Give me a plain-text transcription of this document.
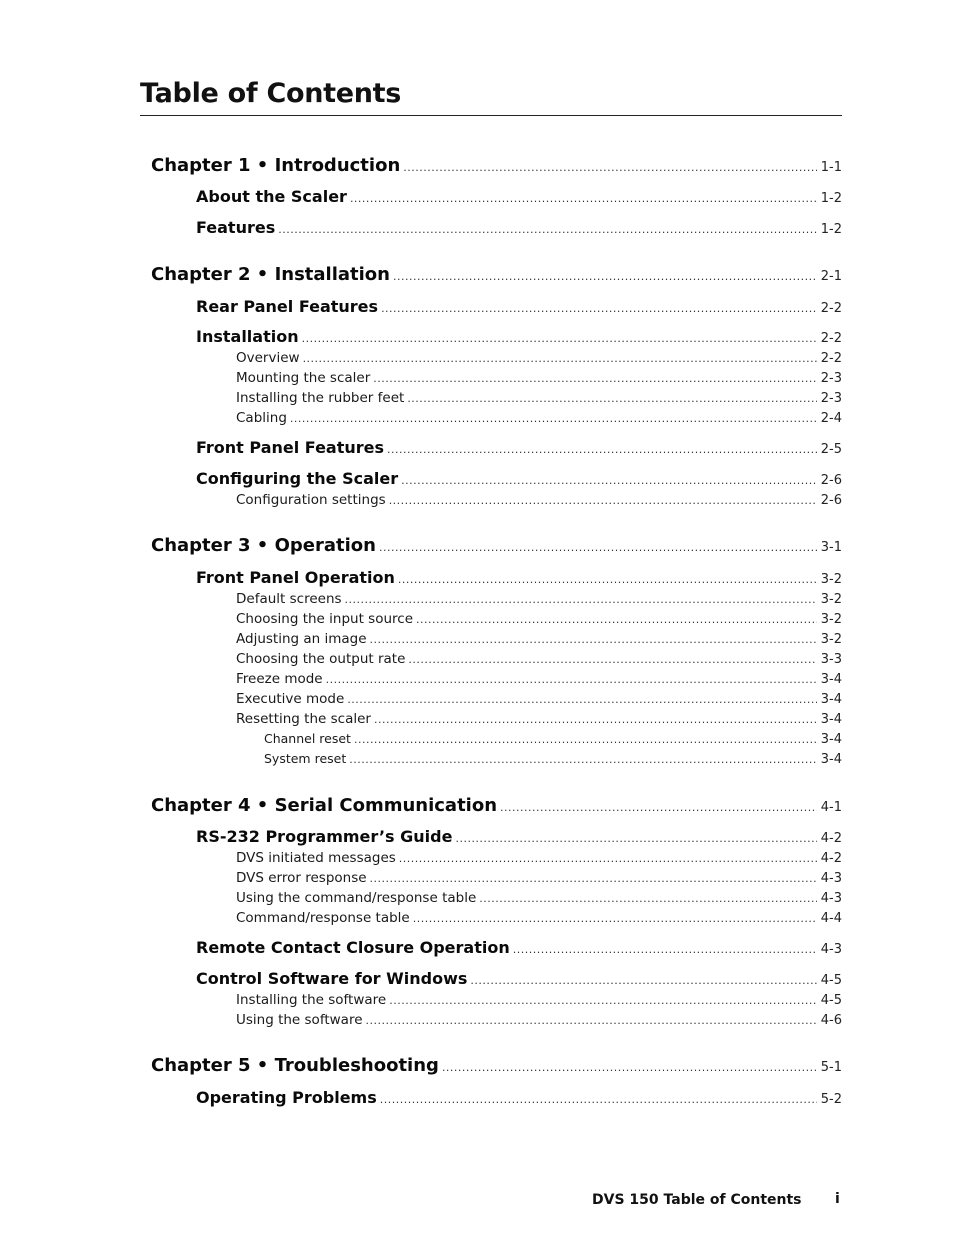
Table of Contents
Chapter 1 • Introduction .....	1-1
About the Scaler .....	1-2
Features .....	1-2
Chapter 2 • Installation .....	2-1
Rear Panel Features .....	2-2
Installation .....	2-2
Overview .....	2-2
Mounting the scaler .....	2-3
Installing the rubber feet .....	2-3
Cabling .....	2-4
Front Panel Features .....	2-5
Configuring the Scaler .....	2-6
Configuration settings .....	2-6
Chapter 3 • Operation .....	3-1
Front Panel Operation .....	3-2
Default screens .....	3-2
Choosing the input source .....	3-2
Adjusting an image .....	3-2
Choosing the output rate .....	3-3
Freeze mode .....	3-4
Executive mode .....	3-4
Resetting the scaler .....	3-4
Channel reset .....	3-4
System reset .....	3-4
Chapter 4 • Serial Communication .....	4-1
RS-232 Programmer’s Guide .....	4-2
DVS initiated messages .....	4-2
DVS error response .....	4-3
Using the command/response table .....	4-3
Command/response table .....	4-4
Remote Contact Closure Operation .....	4-3
Control Software for Windows .....	4-5
Installing the software .....	4-5
Using the software .....	4-6
Chapter 5 • Troubleshooting .....	5-1
Operating Problems .....	5-2
DVS 150 Table of Contents i
